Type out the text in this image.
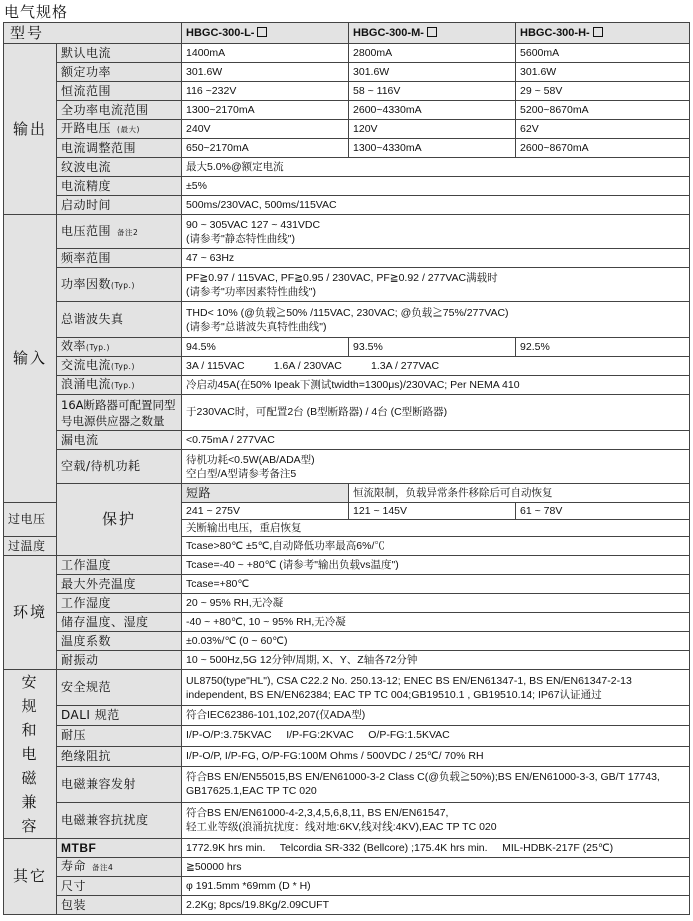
电气规格
型号		HBGC-300-L-	HBGC-300-M-	HBGC-300-H-
输出	默认电流	1400mA	2800mA	5600mA
	额定功率	301.6W	301.6W	301.6W
	恒流范围	116 ~232V	58 ~ 116V	29 ~ 58V
	全功率电流范围	1300~2170mA	2600~4330mA	5200~8670mA
	开路电压 (最大)	240V	120V	62V
	电流调整范围	650~2170mA	1300~4330mA	2600~8670mA
	纹波电流	最大5.0%@额定电流		
	电流精度	±5%		
	启动时间	500ms/230VAC, 500ms/115VAC		
输入	电压范围 备注2	90 ~ 305VAC 127 ~ 431VDC
(请参考"静态特性曲线")		

	频率范围	47 ~ 63Hz		
	功率因数(Typ.)	PF≧0.97 / 115VAC, PF≧0.95 / 230VAC, PF≧0.92 / 277VAC满载时
(请参考"功率因素特性曲线")		

	总谐波失真	THD< 10% (@负载≧50% /115VAC, 230VAC; @负载≧75%/277VAC)
(请参考"总谐波失真特性曲线")		

	效率(Typ.)	94.5%	93.5%	92.5%
	交流电流(Typ.)	3A / 115VAC          1.6A / 230VAC          1.3A / 277VAC		
	浪涌电流(Typ.)	冷启动45A(在50% Ipeak下测试twidth=1300μs)/230VAC; Per NEMA 410		

	16A断路器可配置同型
号电源供应器之数量	于230VAC时，可配置2台 (B型断路器) / 4台 (C型断路器)		
	漏电流	<0.75mA / 277VAC		
	空载/待机功耗	待机功耗<0.5W(AB/ADA型)
空白型/A型请参考备注5		

	保护	短路	恒流限制，负载异常条件移除后可自动恢复	
过电压		241 ~ 275V	121 ~ 145V	61 ~ 78V
		关断输出电压，重启恢复		
过温度		Tcase>80℃ ±5℃,自动降低功率最高6%/℃		
环境	工作温度	Tcase=-40 ~ +80℃ (请参考"输出负载vs温度")		
	最大外壳温度	Tcase=+80℃		
	工作湿度	20 ~ 95% RH,无冷凝		
	储存温度、湿度	-40 ~ +80℃, 10 ~ 95% RH,无冷凝		
	温度系数	±0.03%/℃ (0 ~ 60℃)		
	耐振动	10 ~ 500Hz,5G 12分钟/周期, X、Y、Z轴各72分钟		
安规和电磁兼容	安全规范	UL8750(type"HL"), CSA C22.2 No. 250.13-12; ENEC BS EN/EN61347-1, BS EN/EN61347-2-13
independent, BS EN/EN62384; EAC TP TC 004;GB19510.1 , GB19510.14; IP67认证通过		

	DALI 规范	符合IEC62386-101,102,207(仅ADA型)		
	耐压	I/P-O/P:3.75KVAC     I/P-FG:2KVAC     O/P-FG:1.5KVAC		
	绝缘阻抗	I/P-O/P, I/P-FG, O/P-FG:100M Ohms / 500VDC / 25℃/ 70% RH		
	电磁兼容发射	符合BS EN/EN55015,BS EN/EN61000-3-2 Class C(@负载≧50%);BS EN/EN61000-3-3, GB/T 17743,
GB17625.1,EAC TP TC 020		

	电磁兼容抗扰度	符合BS EN/EN61000-4-2,3,4,5,6,8,11, BS EN/EN61547,
轻工业等级(浪涌抗扰度：线对地:6KV,线对线:4KV),EAC TP TC 020		

其它	MTBF	1772.9K hrs min.     Telcordia SR-332 (Bellcore) ;175.4K hrs min.     MIL-HDBK-217F (25℃)		
	寿命 备注4	≧50000 hrs		
	尺寸	φ 191.5mm *69mm (D * H)		
	包装	2.2Kg; 8pcs/19.8Kg/2.09CUFT		
